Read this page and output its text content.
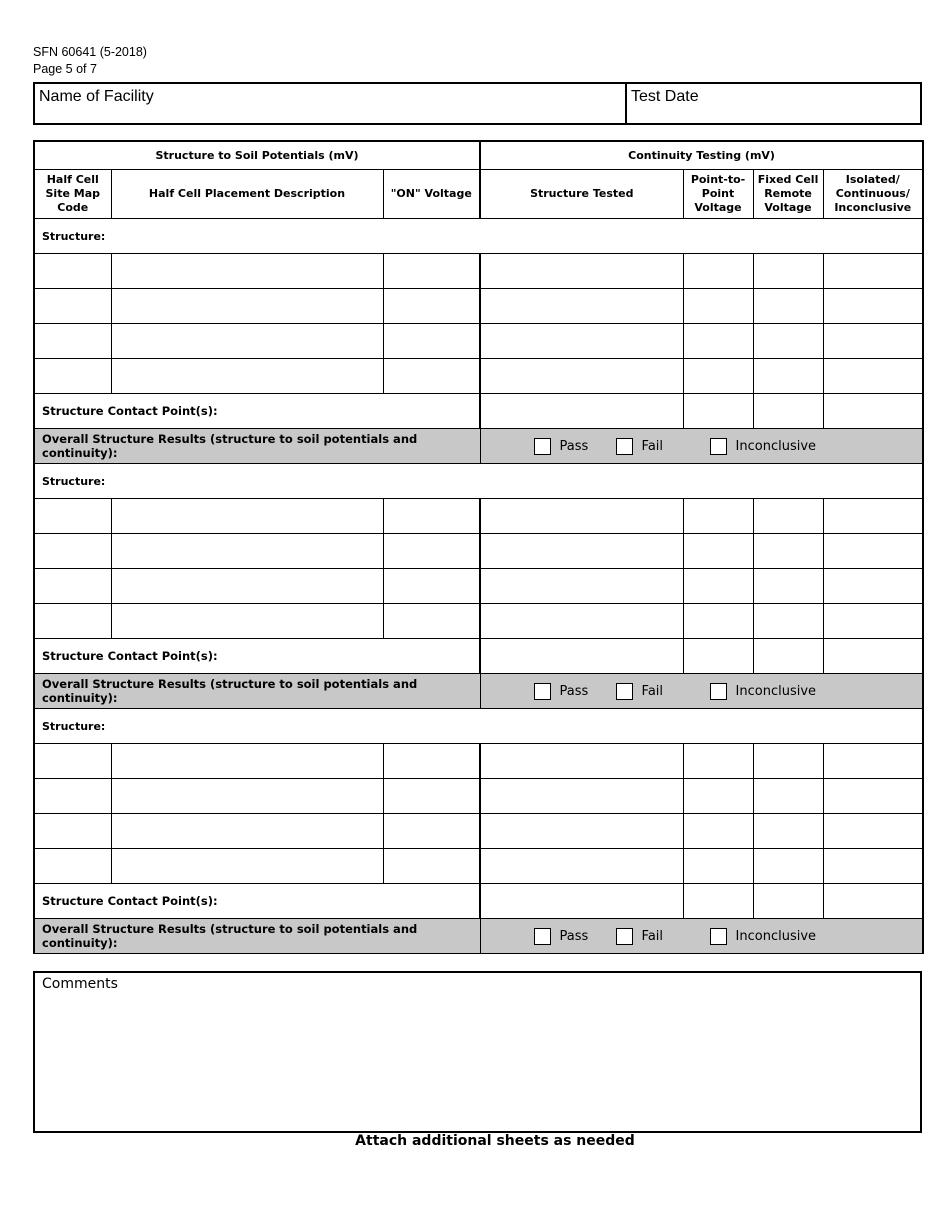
SFN 60641 (5-2018)
Page 5 of 7
Name of Facility	Test Date
Structure to Soil Potentials (mV)			Continuity Testing (mV)			
Half Cell Site Map Code	Half Cell Placement Description	"ON" Voltage	Structure Tested	Point-to-Point Voltage	Fixed Cell Remote Voltage	Isolated/ Continuous/ Inconclusive
Structure:						

Structure Contact Point(s):						
Overall Structure Results (structure to soil potentials and continuity):			Pass Fail Inconclusive			

Structure:						

Structure Contact Point(s):						
Overall Structure Results (structure to soil potentials and continuity):			Pass Fail Inconclusive			

Structure:						

Structure Contact Point(s):						
Overall Structure Results (structure to soil potentials and continuity):			Pass Fail Inconclusive			
Comments
Attach additional sheets as needed
